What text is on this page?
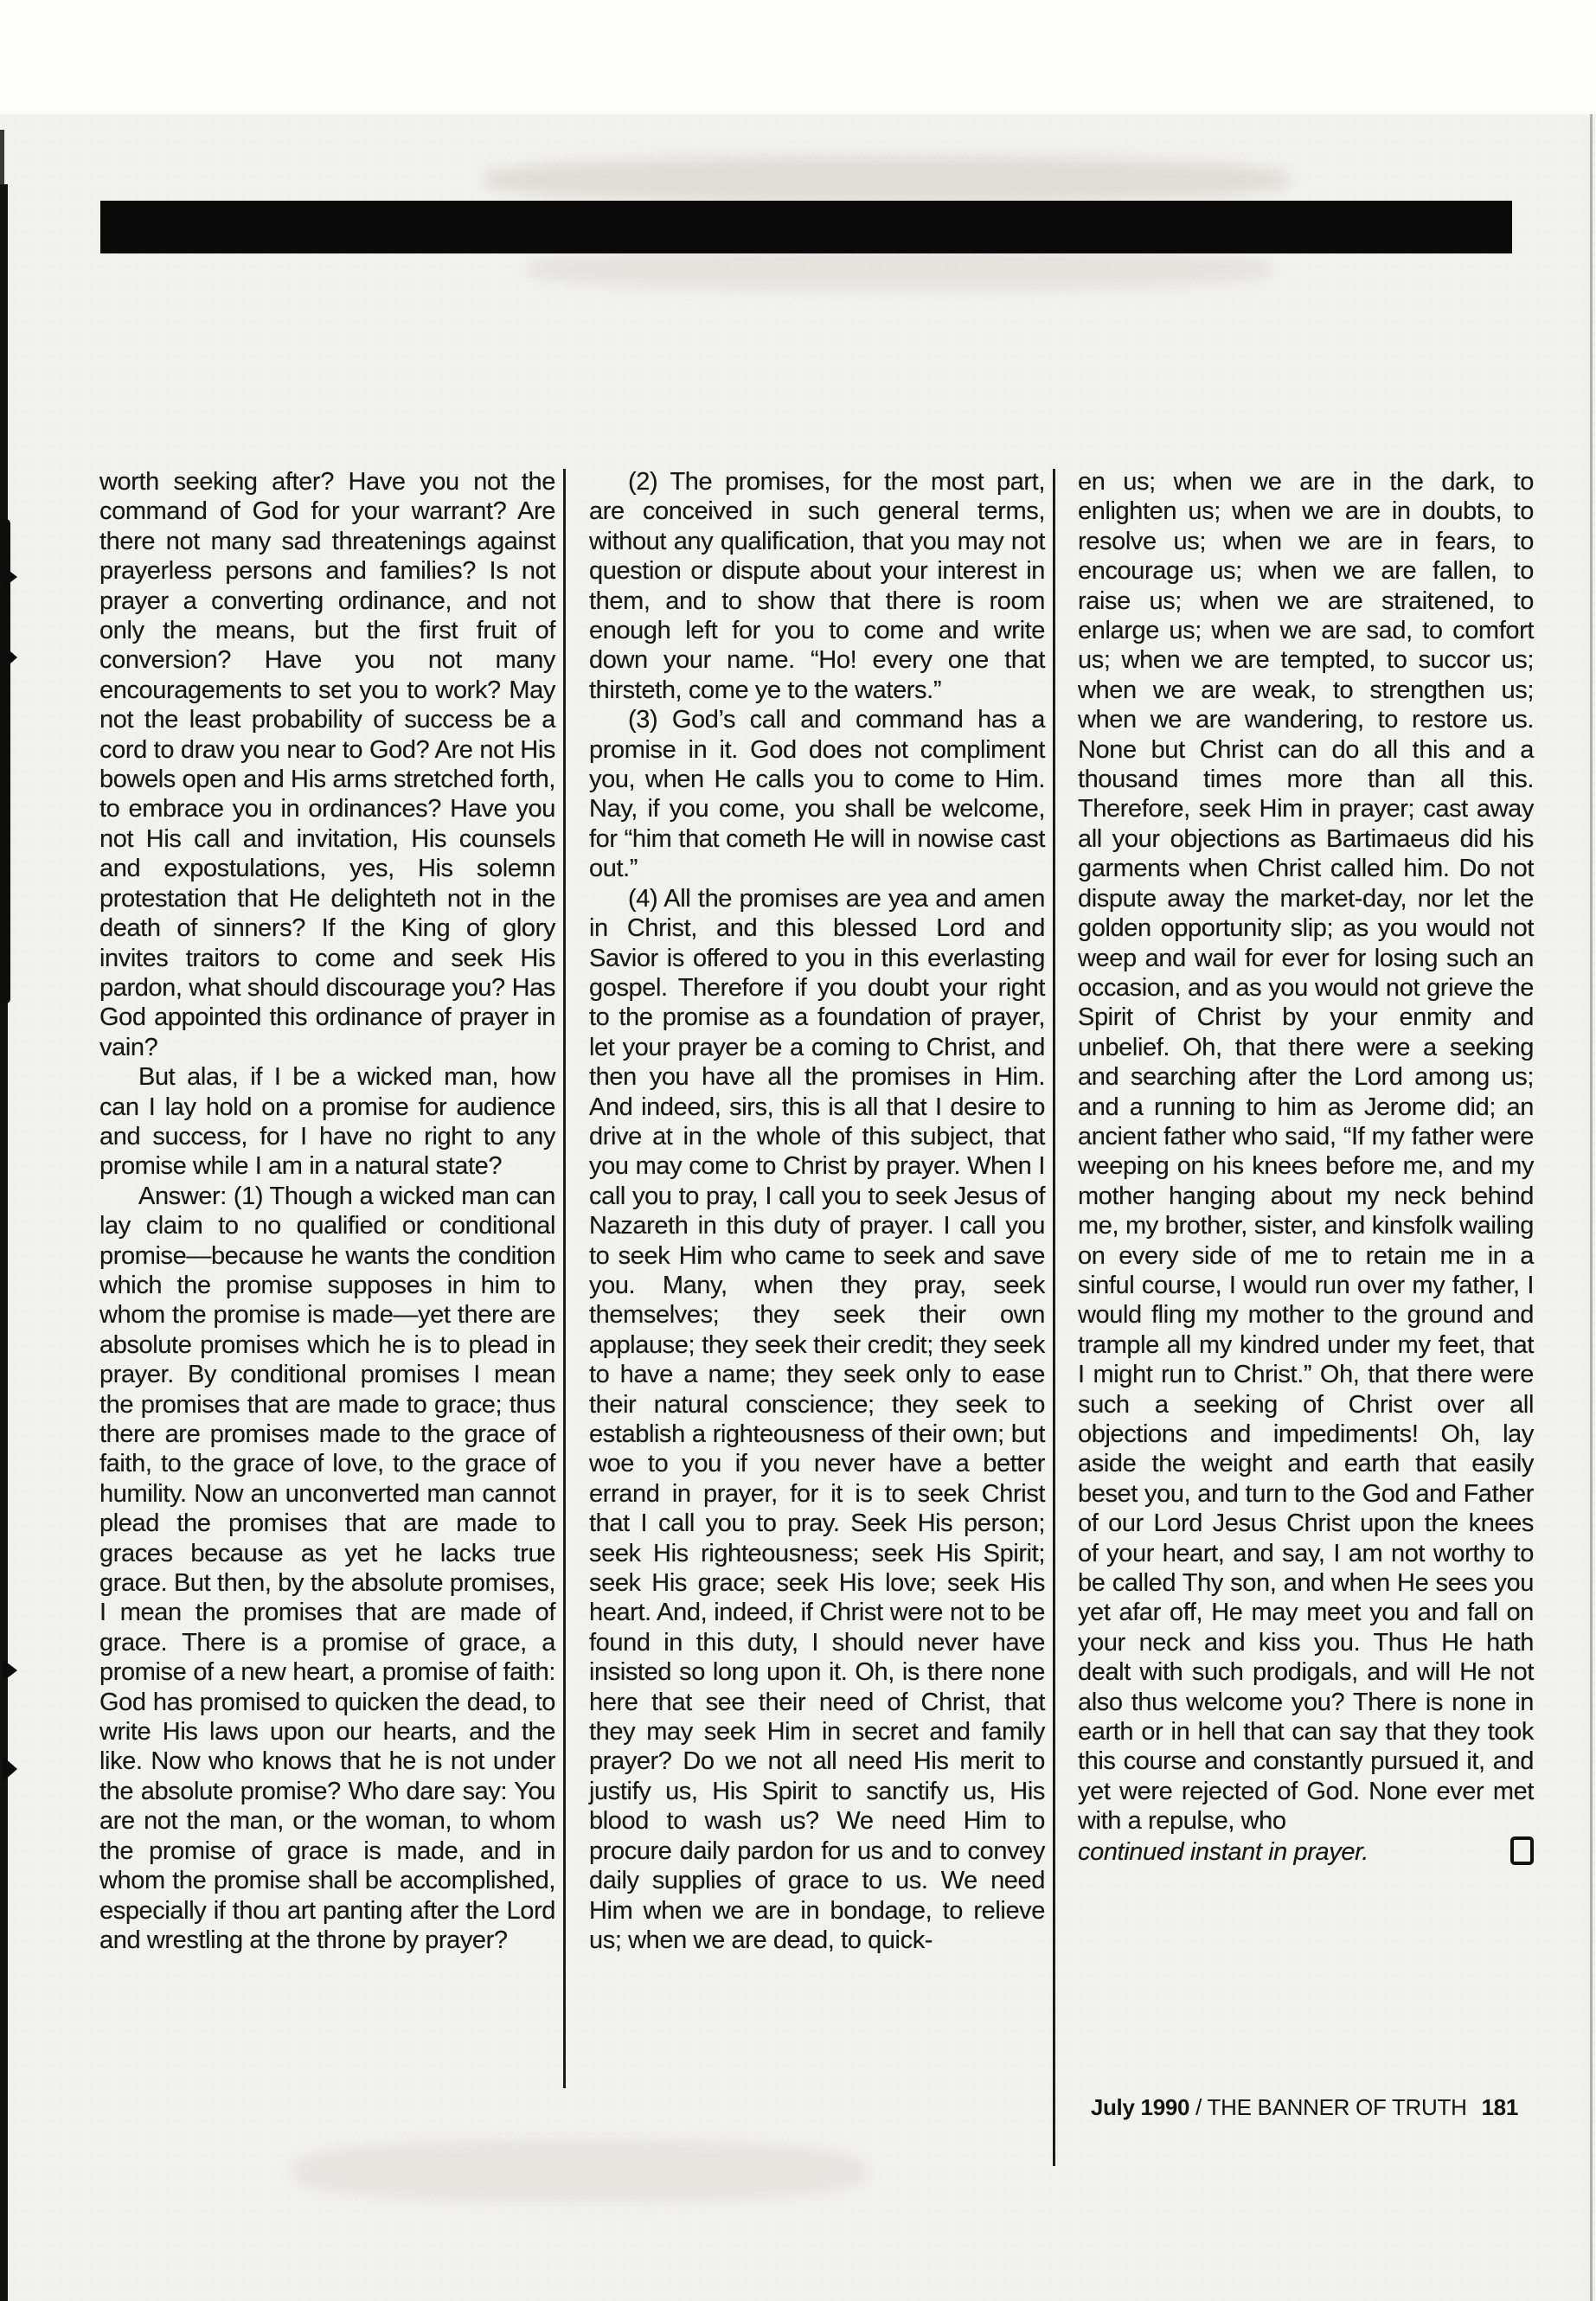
worth seeking after? Have you not the command of God for your warrant? Are there not many sad threatenings against prayerless persons and families? Is not prayer a converting ordinance, and not only the means, but the first fruit of conversion? Have you not many encouragements to set you to work? May not the least probability of success be a cord to draw you near to God? Are not His bowels open and His arms stretched forth, to embrace you in ordinances? Have you not His call and invitation, His counsels and expostulations, yes, His solemn protestation that He delighteth not in the death of sinners? If the King of glory invites traitors to come and seek His pardon, what should discourage you? Has God appointed this ordinance of prayer in vain?

But alas, if I be a wicked man, how can I lay hold on a promise for audience and success, for I have no right to any promise while I am in a natural state?

Answer: (1) Though a wicked man can lay claim to no qualified or conditional promise—because he wants the condition which the promise supposes in him to whom the promise is made—yet there are absolute promises which he is to plead in prayer. By conditional promises I mean the promises that are made to grace; thus there are promises made to the grace of faith, to the grace of love, to the grace of humility. Now an unconverted man cannot plead the promises that are made to graces because as yet he lacks true grace. But then, by the absolute promises, I mean the promises that are made of grace. There is a promise of grace, a promise of a new heart, a promise of faith: God has promised to quicken the dead, to write His laws upon our hearts, and the like. Now who knows that he is not under the absolute promise? Who dare say: You are not the man, or the woman, to whom the promise of grace is made, and in whom the promise shall be accomplished, especially if thou art panting after the Lord and wrestling at the throne by prayer?

(2) The promises, for the most part, are conceived in such general terms, without any qualification, that you may not question or dispute about your interest in them, and to show that there is room enough left for you to come and write down your name. “Ho! every one that thirsteth, come ye to the waters.”

(3) God’s call and command has a promise in it. God does not compliment you, when He calls you to come to Him. Nay, if you come, you shall be welcome, for “him that cometh He will in nowise cast out.”

(4) All the promises are yea and amen in Christ, and this blessed Lord and Savior is offered to you in this everlasting gospel. Therefore if you doubt your right to the promise as a foundation of prayer, let your prayer be a coming to Christ, and then you have all the promises in Him. And indeed, sirs, this is all that I desire to drive at in the whole of this subject, that you may come to Christ by prayer. When I call you to pray, I call you to seek Jesus of Nazareth in this duty of prayer. I call you to seek Him who came to seek and save you. Many, when they pray, seek themselves; they seek their own applause; they seek their credit; they seek to have a name; they seek only to ease their natural conscience; they seek to establish a righteousness of their own; but woe to you if you never have a better errand in prayer, for it is to seek Christ that I call you to pray. Seek His person; seek His righteousness; seek His Spirit; seek His grace; seek His love; seek His heart. And, indeed, if Christ were not to be found in this duty, I should never have insisted so long upon it. Oh, is there none here that see their need of Christ, that they may seek Him in secret and family prayer? Do we not all need His merit to justify us, His Spirit to sanctify us, His blood to wash us? We need Him to procure daily pardon for us and to convey daily supplies of grace to us. We need Him when we are in bondage, to relieve us; when we are dead, to quick-

en us; when we are in the dark, to enlighten us; when we are in doubts, to resolve us; when we are in fears, to encourage us; when we are fallen, to raise us; when we are straitened, to enlarge us; when we are sad, to comfort us; when we are tempted, to succor us; when we are weak, to strengthen us; when we are wandering, to restore us. None but Christ can do all this and a thousand times more than all this. Therefore, seek Him in prayer; cast away all your objections as Bartimaeus did his garments when Christ called him. Do not dispute away the market-day, nor let the golden opportunity slip; as you would not weep and wail for ever for losing such an occasion, and as you would not grieve the Spirit of Christ by your enmity and unbelief. Oh, that there were a seeking and searching after the Lord among us; and a running to him as Jerome did; an ancient father who said, “If my father were weeping on his knees before me, and my mother hanging about my neck behind me, my brother, sister, and kinsfolk wailing on every side of me to retain me in a sinful course, I would run over my father, I would fling my mother to the ground and trample all my kindred under my feet, that I might run to Christ.” Oh, that there were such a seeking of Christ over all objections and impediments! Oh, lay aside the weight and earth that easily beset you, and turn to the God and Father of our Lord Jesus Christ upon the knees of your heart, and say, I am not worthy to be called Thy son, and when He sees you yet afar off, He may meet you and fall on your neck and kiss you. Thus He hath dealt with such prodigals, and will He not also thus welcome you? There is none in earth or in hell that can say that they took this course and constantly pursued it, and yet were rejected of God. None ever met with a repulse, who

continued instant in prayer.
July 1990 / THE BANNER OF TRUTH 181
